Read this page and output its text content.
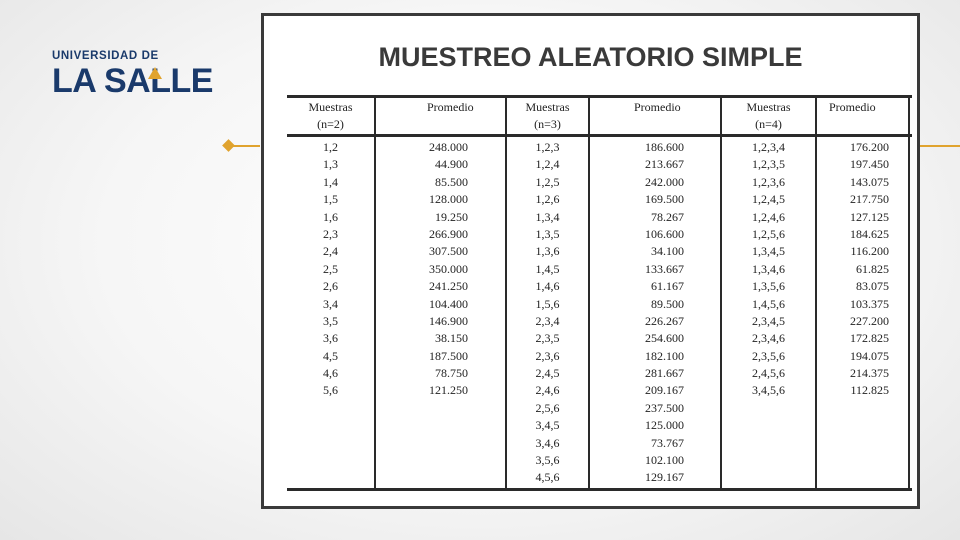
UNIVERSIDAD DE
LA SALLE
MUESTREO ALEATORIO SIMPLE
Muestras
(n=2)
Promedio	Muestras
(n=3)
Promedio	Muestras
(n=4)
Promedio
1,2
1,3
1,4
1,5
1,6
2,3
2,4
2,5
2,6
3,4
3,5
3,6
4,5
4,6
5,6
248.000
44.900
85.500
128.000
19.250
266.900
307.500
350.000
241.250
104.400
146.900
38.150
187.500
78.750
121.250
1,2,3
1,2,4
1,2,5
1,2,6
1,3,4
1,3,5
1,3,6
1,4,5
1,4,6
1,5,6
2,3,4
2,3,5
2,3,6
2,4,5
2,4,6
2,5,6
3,4,5
3,4,6
3,5,6
4,5,6
186.600
213.667
242.000
169.500
78.267
106.600
34.100
133.667
61.167
89.500
226.267
254.600
182.100
281.667
209.167
237.500
125.000
73.767
102.100
129.167
1,2,3,4
1,2,3,5
1,2,3,6
1,2,4,5
1,2,4,6
1,2,5,6
1,3,4,5
1,3,4,6
1,3,5,6
1,4,5,6
2,3,4,5
2,3,4,6
2,3,5,6
2,4,5,6
3,4,5,6
176.200
197.450
143.075
217.750
127.125
184.625
116.200
61.825
83.075
103.375
227.200
172.825
194.075
214.375
112.825
